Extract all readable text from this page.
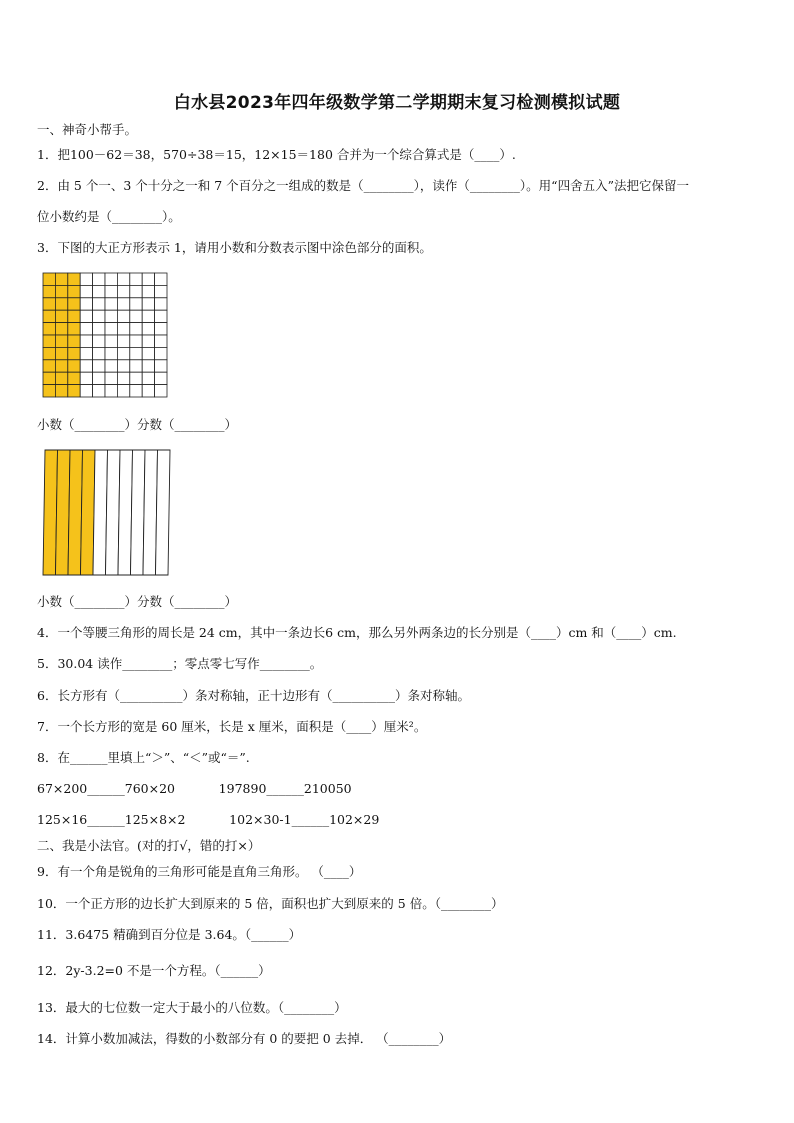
白水县2023年四年级数学第二学期期末复习检测模拟试题
一、神奇小帮手。
1．把100－62＝38，570÷38＝15，12×15＝180 合并为一个综合算式是（____）.
2．由 5 个一、3 个十分之一和 7 个百分之一组成的数是（________），读作（________）。用“四舍五入”法把它保留一
位小数约是（________）。
3．下图的大正方形表示 1，请用小数和分数表示图中涂色部分的面积。
小数（________）分数（________）
小数（________）分数（________）
4．一个等腰三角形的周长是 24 cm，其中一条边长6 cm，那么另外两条边的长分别是（____）cm 和（____）cm.
5．30.04 读作________；零点零七写作________。
6．长方形有（__________）条对称轴，正十边形有（__________）条对称轴。
7．一个长方形的宽是 60 厘米，长是 x 厘米，面积是（____）厘米²。
8．在______里填上“＞”、“＜”或“＝”.
67×200______760×20           197890______210050
125×16______125×8×2           102×30-1______102×29
二、我是小法官。(对的打√，错的打×）
9．有一个角是锐角的三角形可能是直角三角形。 （____）
10．一个正方形的边长扩大到原来的 5 倍，面积也扩大到原来的 5 倍。（________）
11．3.6475 精确到百分位是 3.64。（______）
12．2y-3.2=0 不是一个方程。（______）
13．最大的七位数一定大于最小的八位数。（________）
14．计算小数加减法，得数的小数部分有 0 的要把 0 去掉． （________）
